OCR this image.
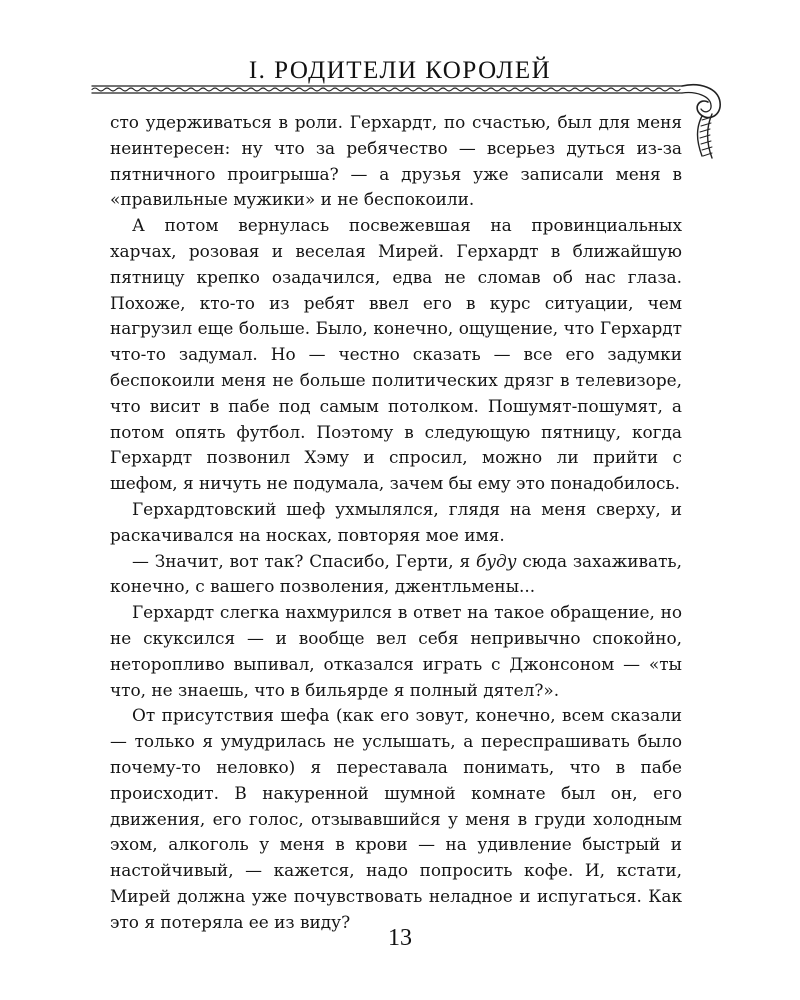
I. РОДИТЕЛИ КОРОЛЕЙ

сто удерживаться в роли. Герхардт, по счастью, был для меня неинтересен: ну что за ребячество — всерьез дуться из-за пятничного проигрыша? — а друзья уже записали меня в «правильные мужики» и не беспокоили.

А потом вернулась посвежевшая на провинциальных харчах, розовая и веселая Мирей. Герхардт в ближайшую пятницу крепко озадачился, едва не сломав об нас глаза. Похоже, кто-то из ребят ввел его в курс ситуации, чем нагрузил еще больше. Было, конечно, ощущение, что Герхардт что-то задумал. Но — честно сказать — все его задумки беспокоили меня не больше политических дрязг в телевизоре, что висит в пабе под самым потолком. Пошумят-пошумят, а потом опять футбол. Поэтому в следующую пятницу, когда Герхардт позвонил Хэму и спросил, можно ли прийти с шефом, я ничуть не подумала, зачем бы ему это понадобилось.

Герхардтовский шеф ухмылялся, глядя на меня сверху, и раскачивался на носках, повторяя мое имя.

— Значит, вот так? Спасибо, Герти, я буду сюда захаживать, конечно, с вашего позволения, джентльмены...

Герхардт слегка нахмурился в ответ на такое обращение, но не скуксился — и вообще вел себя непривычно спокойно, неторопливо выпивал, отказался играть с Джонсоном — «ты что, не знаешь, что в бильярде я полный дятел?».

От присутствия шефа (как его зовут, конечно, всем сказали — только я умудрилась не услышать, а переспрашивать было почему-то неловко) я переставала понимать, что в пабе происходит. В накуренной шумной комнате был он, его движения, его голос, отзывавшийся у меня в груди холодным эхом, алкоголь у меня в крови — на удивление быстрый и настойчивый, — кажется, надо попросить кофе. И, кстати, Мирей должна уже почувствовать неладное и испугаться. Как это я потеряла ее из виду?

13
